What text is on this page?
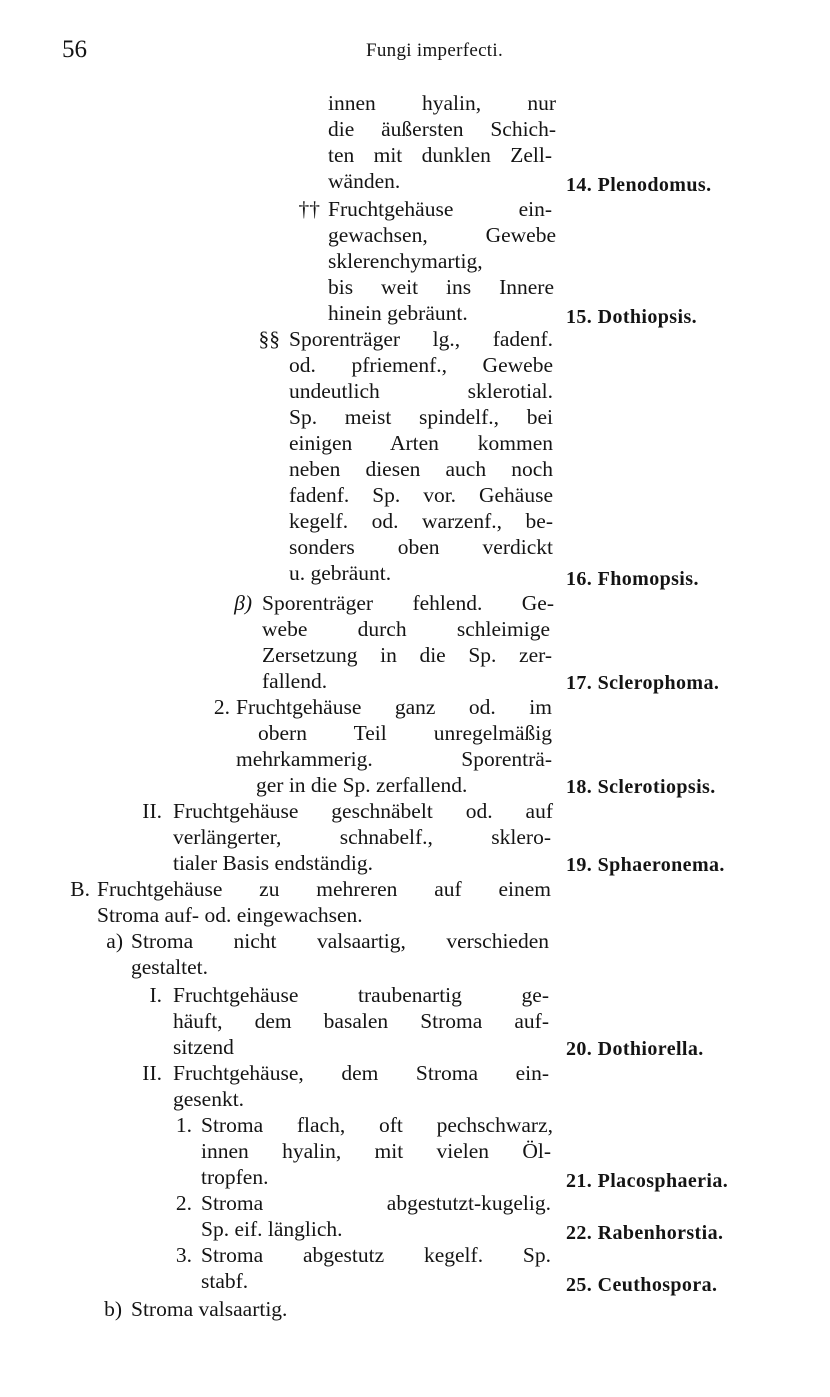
56	Fungi imperfecti.
innen hyalin, nur
die äußersten Schich-
ten mit dunklen Zell-
wänden.	14. Plenodomus.
†† Fruchtgehäuse ein-
gewachsen, Gewebe
sklerenchymartig,
bis weit ins Innere
hinein gebräunt.	15. Dothiopsis.
§§ Sporenträger lg., fadenf.
od. pfriemenf., Gewebe
undeutlich sklerotial.
Sp. meist spindelf., bei
einigen Arten kommen
neben diesen auch noch
fadenf. Sp. vor. Gehäuse
kegelf. od. warzenf., be-
sonders oben verdickt
u. gebräunt.	16. Fhomopsis.
β) Sporenträger fehlend. Ge-
webe durch schleimige
Zersetzung in die Sp. zer-
fallend.	17. Sclerophoma.
2. Fruchtgehäuse ganz od. im
obern Teil unregelmäßig
mehrkammerig. Sporenträ-
ger in die Sp. zerfallend.	18. Sclerotiopsis.
II. Fruchtgehäuse geschnäbelt od. auf
verlängerter, schnabelf., sklero-
tialer Basis endständig.	19. Sphaeronema.
B. Fruchtgehäuse zu mehreren auf einem
Stroma auf- od. eingewachsen.
a) Stroma nicht valsaartig, verschieden
gestaltet.
I. Fruchtgehäuse traubenartig ge-
häuft, dem basalen Stroma auf-
sitzend	20. Dothiorella.
II. Fruchtgehäuse, dem Stroma ein-
gesenkt.
1. Stroma flach, oft pechschwarz,
innen hyalin, mit vielen Öl-
tropfen.	21. Placosphaeria.
2. Stroma abgestutzt-kugelig.
Sp. eif. länglich.	22. Rabenhorstia.
3. Stroma abgestutz kegelf. Sp.
stabf.	25. Ceuthospora.
b) Stroma valsaartig.
